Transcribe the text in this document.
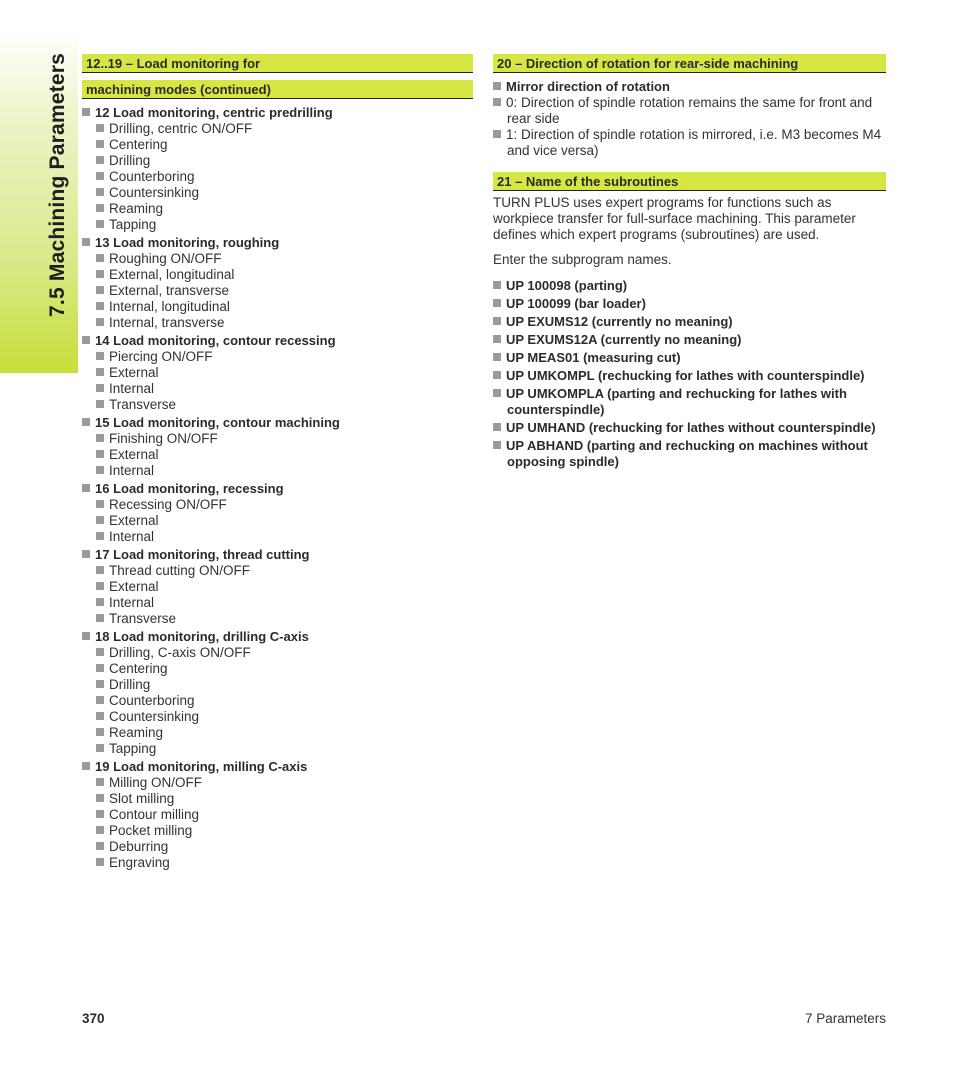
7.5 Machining Parameters	12..19 – Load monitoring for
machining modes (continued)
12 Load monitoring, centric predrilling
Drilling, centric ON/OFF
Centering
Drilling
Counterboring
Countersinking
Reaming
Tapping
13 Load monitoring, roughing
Roughing ON/OFF
External, longitudinal
External, transverse
Internal, longitudinal
Internal, transverse
14 Load monitoring, contour recessing
Piercing ON/OFF
External
Internal
Transverse
15 Load monitoring, contour machining
Finishing ON/OFF
External
Internal
16 Load monitoring, recessing
Recessing ON/OFF
External
Internal
17 Load monitoring, thread cutting
Thread cutting ON/OFF
External
Internal
Transverse
18 Load monitoring, drilling C-axis
Drilling, C-axis ON/OFF
Centering
Drilling
Counterboring
Countersinking
Reaming
Tapping
19 Load monitoring, milling C-axis
Milling ON/OFF
Slot milling
Contour milling
Pocket milling
Deburring
Engraving
20 – Direction of rotation for rear-side machining
Mirror direction of rotation
0: Direction of spindle rotation remains the same for front and rear side
1: Direction of spindle rotation is mirrored, i.e. M3 becomes M4 and vice versa)
21 – Name of the subroutines
TURN PLUS uses expert programs for functions such as workpiece transfer for full-surface machining. This parameter defines which expert programs (subroutines) are used.
Enter the subprogram names.
UP 100098 (parting)
UP 100099 (bar loader)
UP EXUMS12 (currently no meaning)
UP EXUMS12A (currently no meaning)
UP MEAS01 (measuring cut)
UP UMKOMPL (rechucking for lathes with counterspindle)
UP UMKOMPLA (parting and rechucking for lathes with counterspindle)
UP UMHAND (rechucking for lathes without counterspindle)
UP ABHAND (parting and rechucking on machines without opposing spindle)
370	7 Parameters
